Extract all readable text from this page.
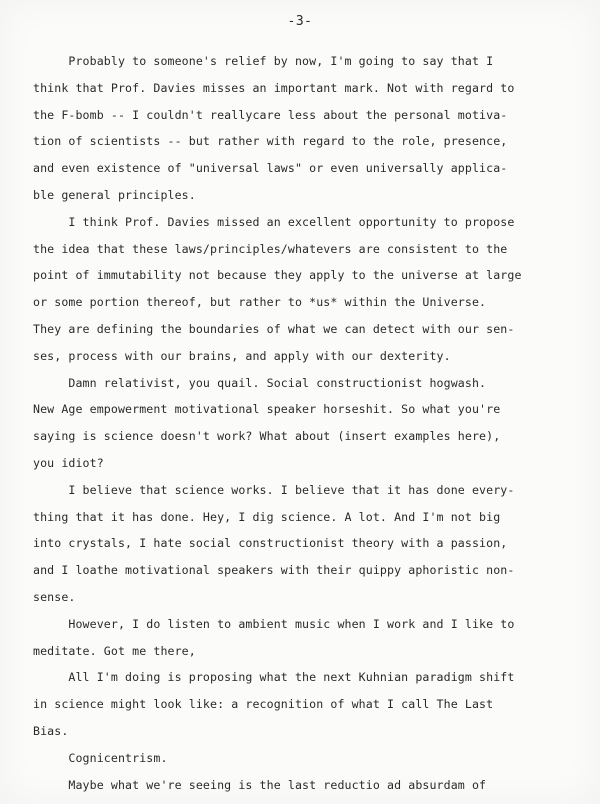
-3-
Probably to someone's relief by now, I'm going to say that I
think that Prof. Davies misses an important mark. Not with regard to
the F-bomb -- I couldn't reallycare less about the personal motiva-
tion of scientists -- but rather with regard to the role, presence,
and even existence of "universal laws" or even universally applica-
ble general principles.
I think Prof. Davies missed an excellent opportunity to propose
the idea that these laws/principles/whatevers are consistent to the
point of immutability not because they apply to the universe at large
or some portion thereof, but rather to *us* within the Universe.
They are defining the boundaries of what we can detect with our sen-
ses, process with our brains, and apply with our dexterity.
Damn relativist, you quail. Social constructionist hogwash.
New Age empowerment motivational speaker horseshit. So what you're
saying is science doesn't work? What about (insert examples here),
you idiot?
I believe that science works. I believe that it has done every-
thing that it has done. Hey, I dig science. A lot. And I'm not big
into crystals, I hate social constructionist theory with a passion,
and I loathe motivational speakers with their quippy aphoristic non-
sense.
However, I do listen to ambient music when I work and I like to
meditate. Got me there,
All I'm doing is proposing what the next Kuhnian paradigm shift
in science might look like: a recognition of what I call The Last
Bias.
Cognicentrism.
Maybe what we're seeing is the last reductio ad absurdam of
